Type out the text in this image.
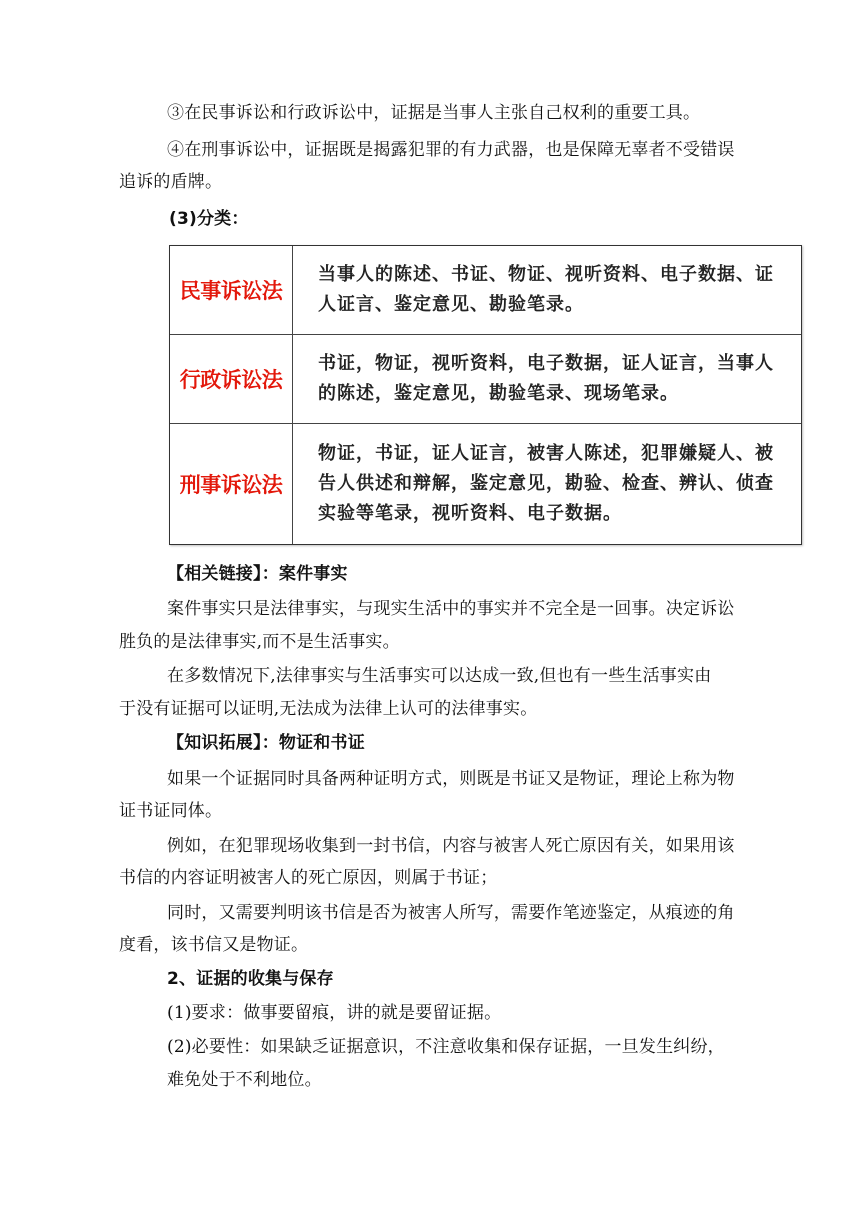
③在民事诉讼和行政诉讼中，证据是当事人主张自己权利的重要工具。
④在刑事诉讼中，证据既是揭露犯罪的有力武器，也是保障无辜者不受错误
追诉的盾牌。
(3)分类：
民事诉讼法
当事人的陈述、书证、物证、视听资料、电子数据、证人证言、鉴定意见、勘验笔录。
行政诉讼法
书证，物证，视听资料，电子数据，证人证言，当事人的陈述，鉴定意见，勘验笔录、现场笔录。
刑事诉讼法
物证，书证，证人证言，被害人陈述，犯罪嫌疑人、被告人供述和辩解，鉴定意见，勘验、检查、辨认、侦查实验等笔录，视听资料、电子数据。
【相关链接】：案件事实
案件事实只是法律事实，与现实生活中的事实并不完全是一回事。决定诉讼
胜负的是法律事实,而不是生活事实。
在多数情况下,法律事实与生活事实可以达成一致,但也有一些生活事实由
于没有证据可以证明,无法成为法律上认可的法律事实。
【知识拓展】：物证和书证
如果一个证据同时具备两种证明方式，则既是书证又是物证，理论上称为物
证书证同体。
例如，在犯罪现场收集到一封书信，内容与被害人死亡原因有关，如果用该
书信的内容证明被害人的死亡原因，则属于书证；
同时，又需要判明该书信是否为被害人所写，需要作笔迹鉴定，从痕迹的角
度看，该书信又是物证。
2、证据的收集与保存
(1)要求：做事要留痕，讲的就是要留证据。
(2)必要性：如果缺乏证据意识，不注意收集和保存证据，一旦发生纠纷，
难免处于不利地位。
